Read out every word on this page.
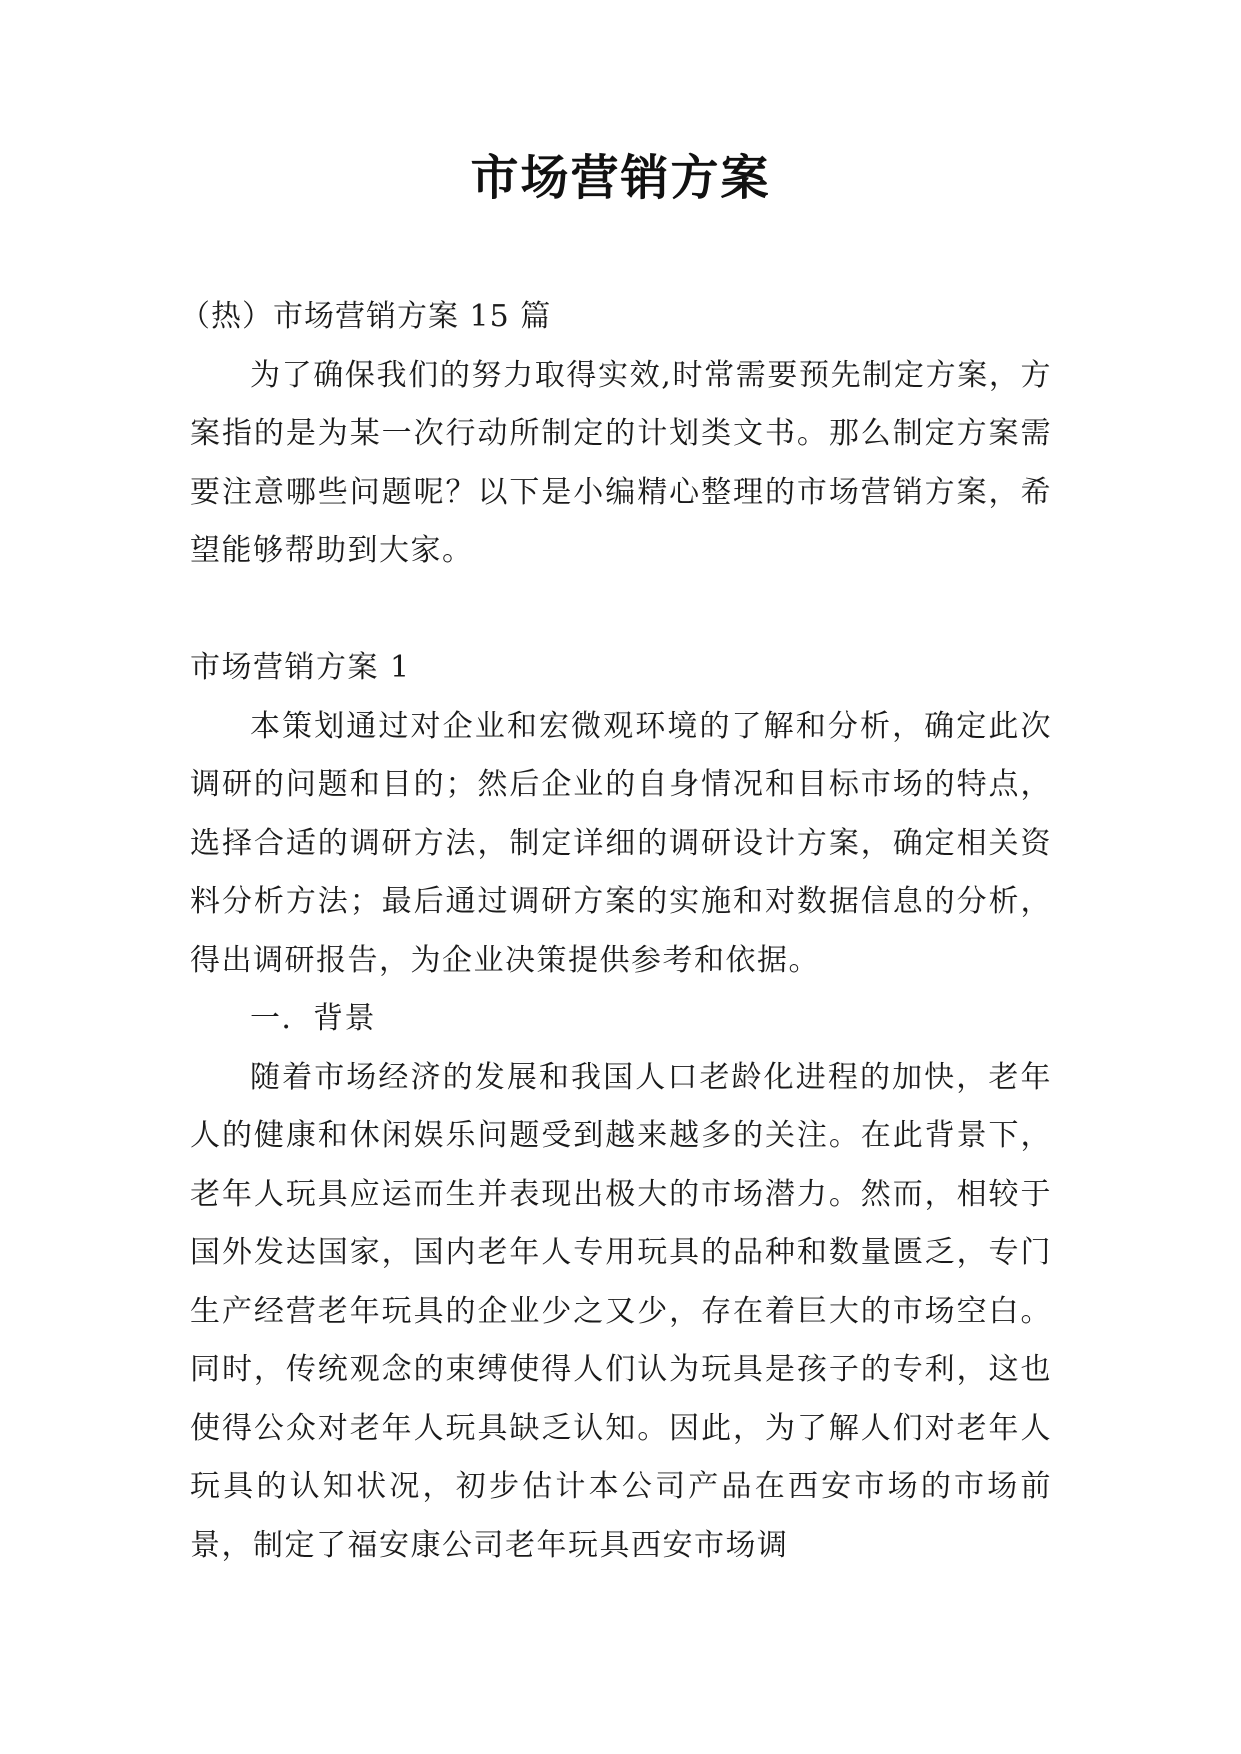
市场营销方案

（热）市场营销方案 15 篇

为了确保我们的努力取得实效,时常需要预先制定方案，方案指的是为某一次行动所制定的计划类文书。那么制定方案需要注意哪些问题呢？以下是小编精心整理的市场营销方案，希望能够帮助到大家。

市场营销方案 1

本策划通过对企业和宏微观环境的了解和分析，确定此次调研的问题和目的；然后企业的自身情况和目标市场的特点，选择合适的调研方法，制定详细的调研设计方案，确定相关资料分析方法；最后通过调研方案的实施和对数据信息的分析，得出调研报告，为企业决策提供参考和依据。

一．背景

随着市场经济的发展和我国人口老龄化进程的加快，老年人的健康和休闲娱乐问题受到越来越多的关注。在此背景下，老年人玩具应运而生并表现出极大的市场潜力。然而，相较于国外发达国家，国内老年人专用玩具的品种和数量匮乏，专门生产经营老年玩具的企业少之又少，存在着巨大的市场空白。同时，传统观念的束缚使得人们认为玩具是孩子的专利，这也使得公众对老年人玩具缺乏认知。因此，为了解人们对老年人玩具的认知状况，初步估计本公司产品在西安市场的市场前景，制定了福安康公司老年玩具西安市场调
